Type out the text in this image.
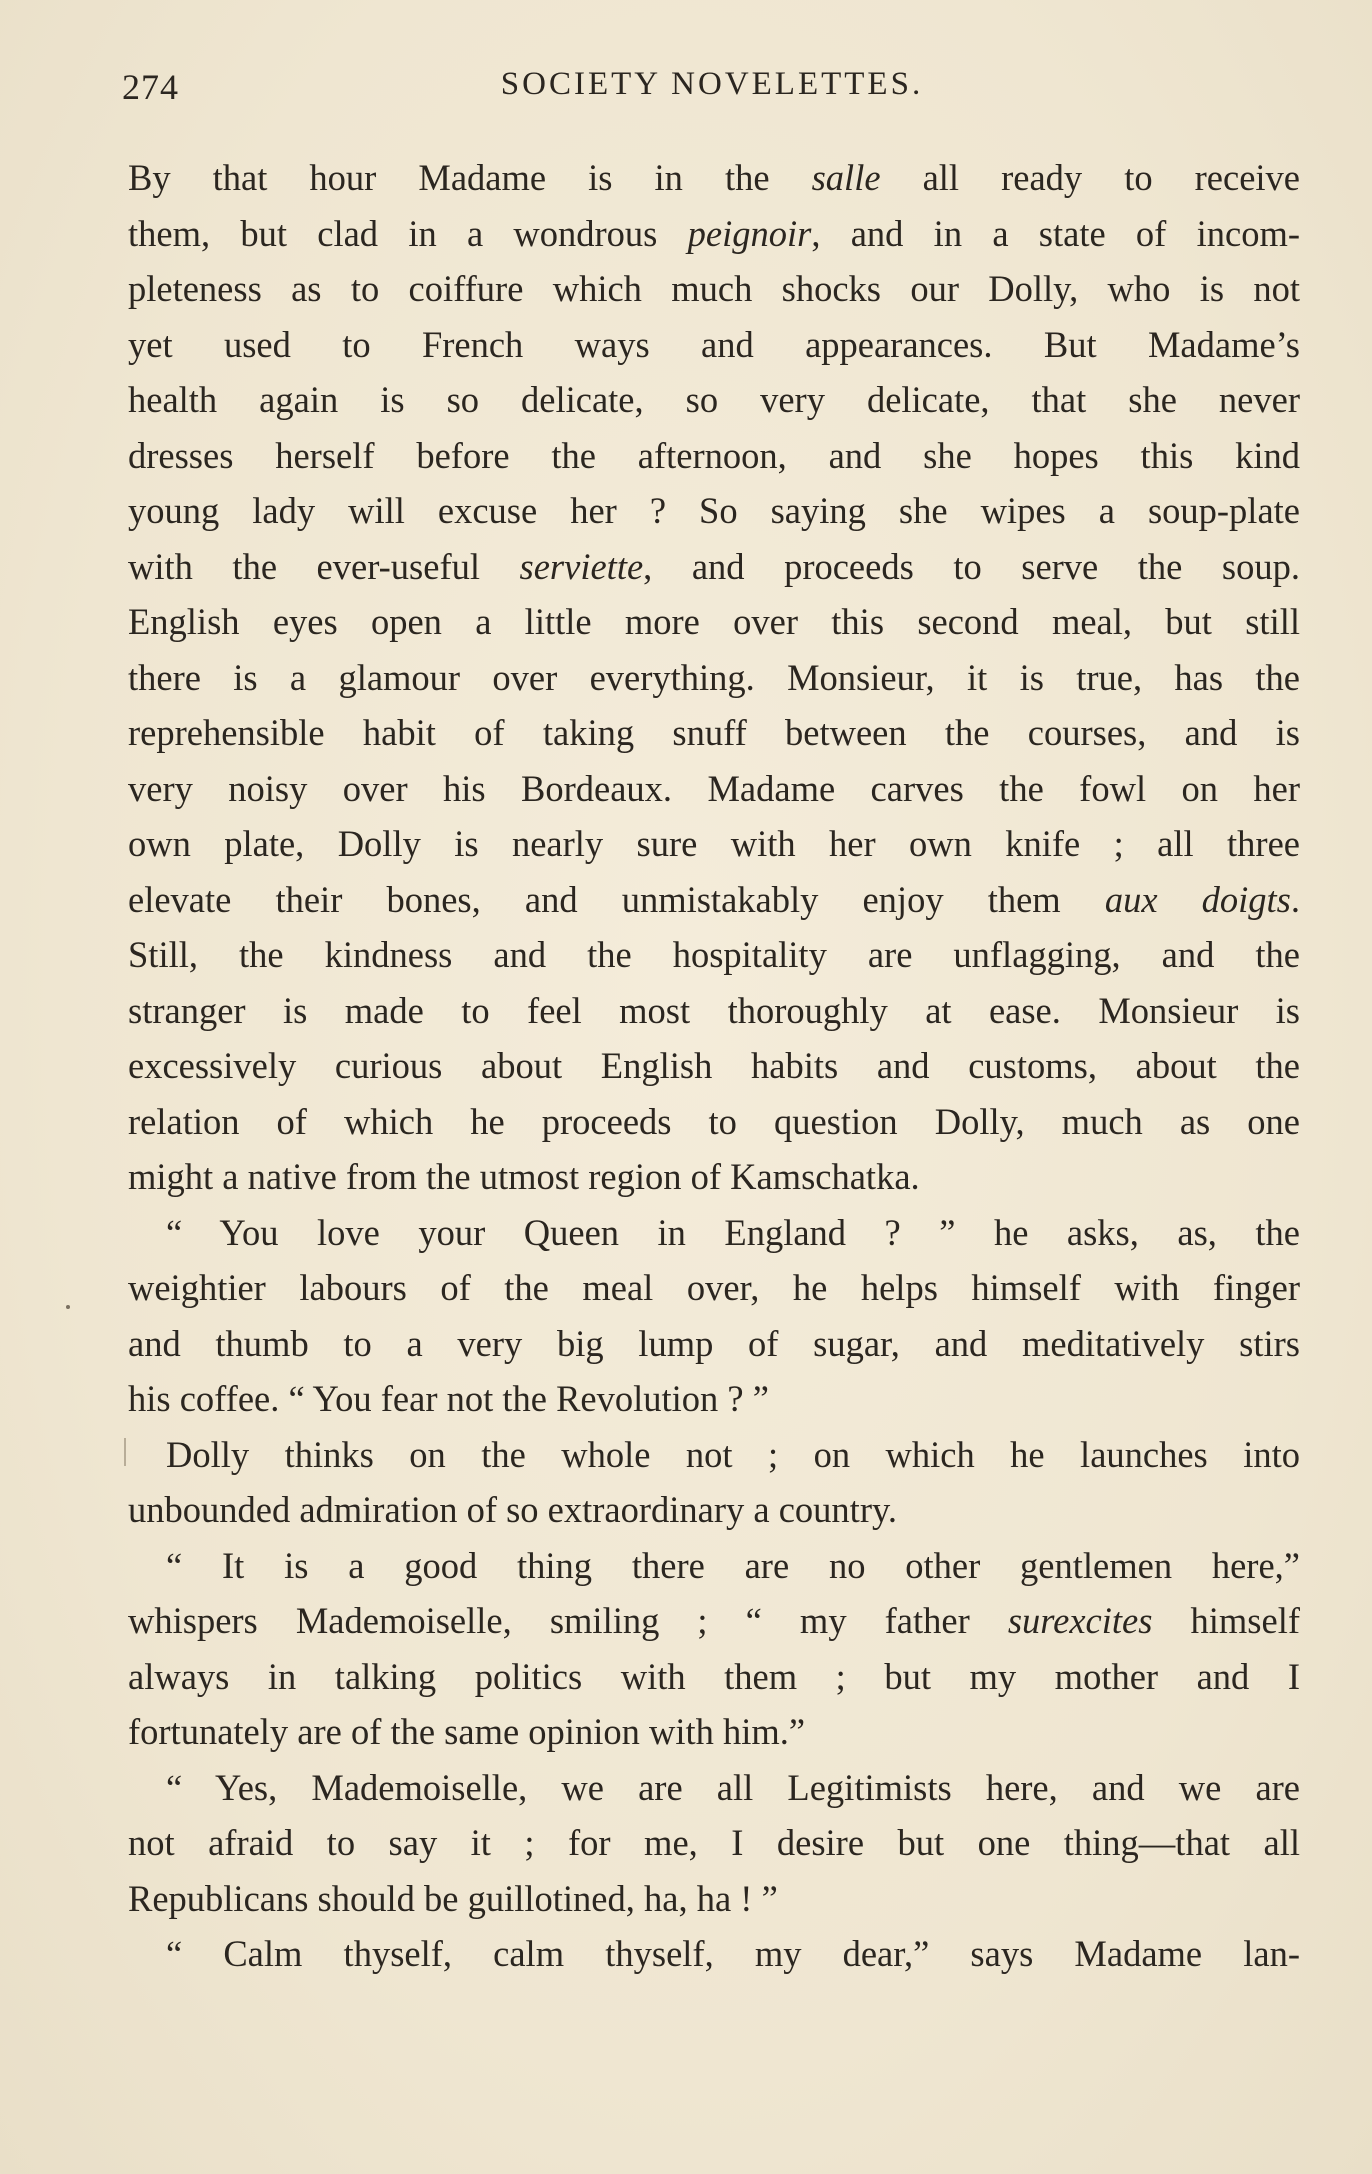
274	SOCIETY NOVELETTES.
By that hour Madame is in the salle all ready to receive
them, but clad in a wondrous peignoir, and in a state of incom-
pleteness as to coiffure which much shocks our Dolly, who is not
yet used to French ways and appearances. But Madame’s
health again is so delicate, so very delicate, that she never
dresses herself before the afternoon, and she hopes this kind
young lady will excuse her ? So saying she wipes a soup-plate
with the ever-useful serviette, and proceeds to serve the soup.
English eyes open a little more over this second meal, but still
there is a glamour over everything. Monsieur, it is true, has the
reprehensible habit of taking snuff between the courses, and is
very noisy over his Bordeaux. Madame carves the fowl on her
own plate, Dolly is nearly sure with her own knife ; all three
elevate their bones, and unmistakably enjoy them aux doigts.
Still, the kindness and the hospitality are unflagging, and the
stranger is made to feel most thoroughly at ease. Monsieur is
excessively curious about English habits and customs, about the
relation of which he proceeds to question Dolly, much as one
might a native from the utmost region of Kamschatka.
“ You love your Queen in England ? ” he asks, as, the
weightier labours of the meal over, he helps himself with finger
and thumb to a very big lump of sugar, and meditatively stirs
his coffee. “ You fear not the Revolution ? ”
Dolly thinks on the whole not ; on which he launches into
unbounded admiration of so extraordinary a country.
“ It is a good thing there are no other gentlemen here,”
whispers Mademoiselle, smiling ; “ my father surexcites himself
always in talking politics with them ; but my mother and I
fortunately are of the same opinion with him.”
“ Yes, Mademoiselle, we are all Legitimists here, and we are
not afraid to say it ; for me, I desire but one thing—that all
Republicans should be guillotined, ha, ha ! ”
“ Calm thyself, calm thyself, my dear,” says Madame lan-
